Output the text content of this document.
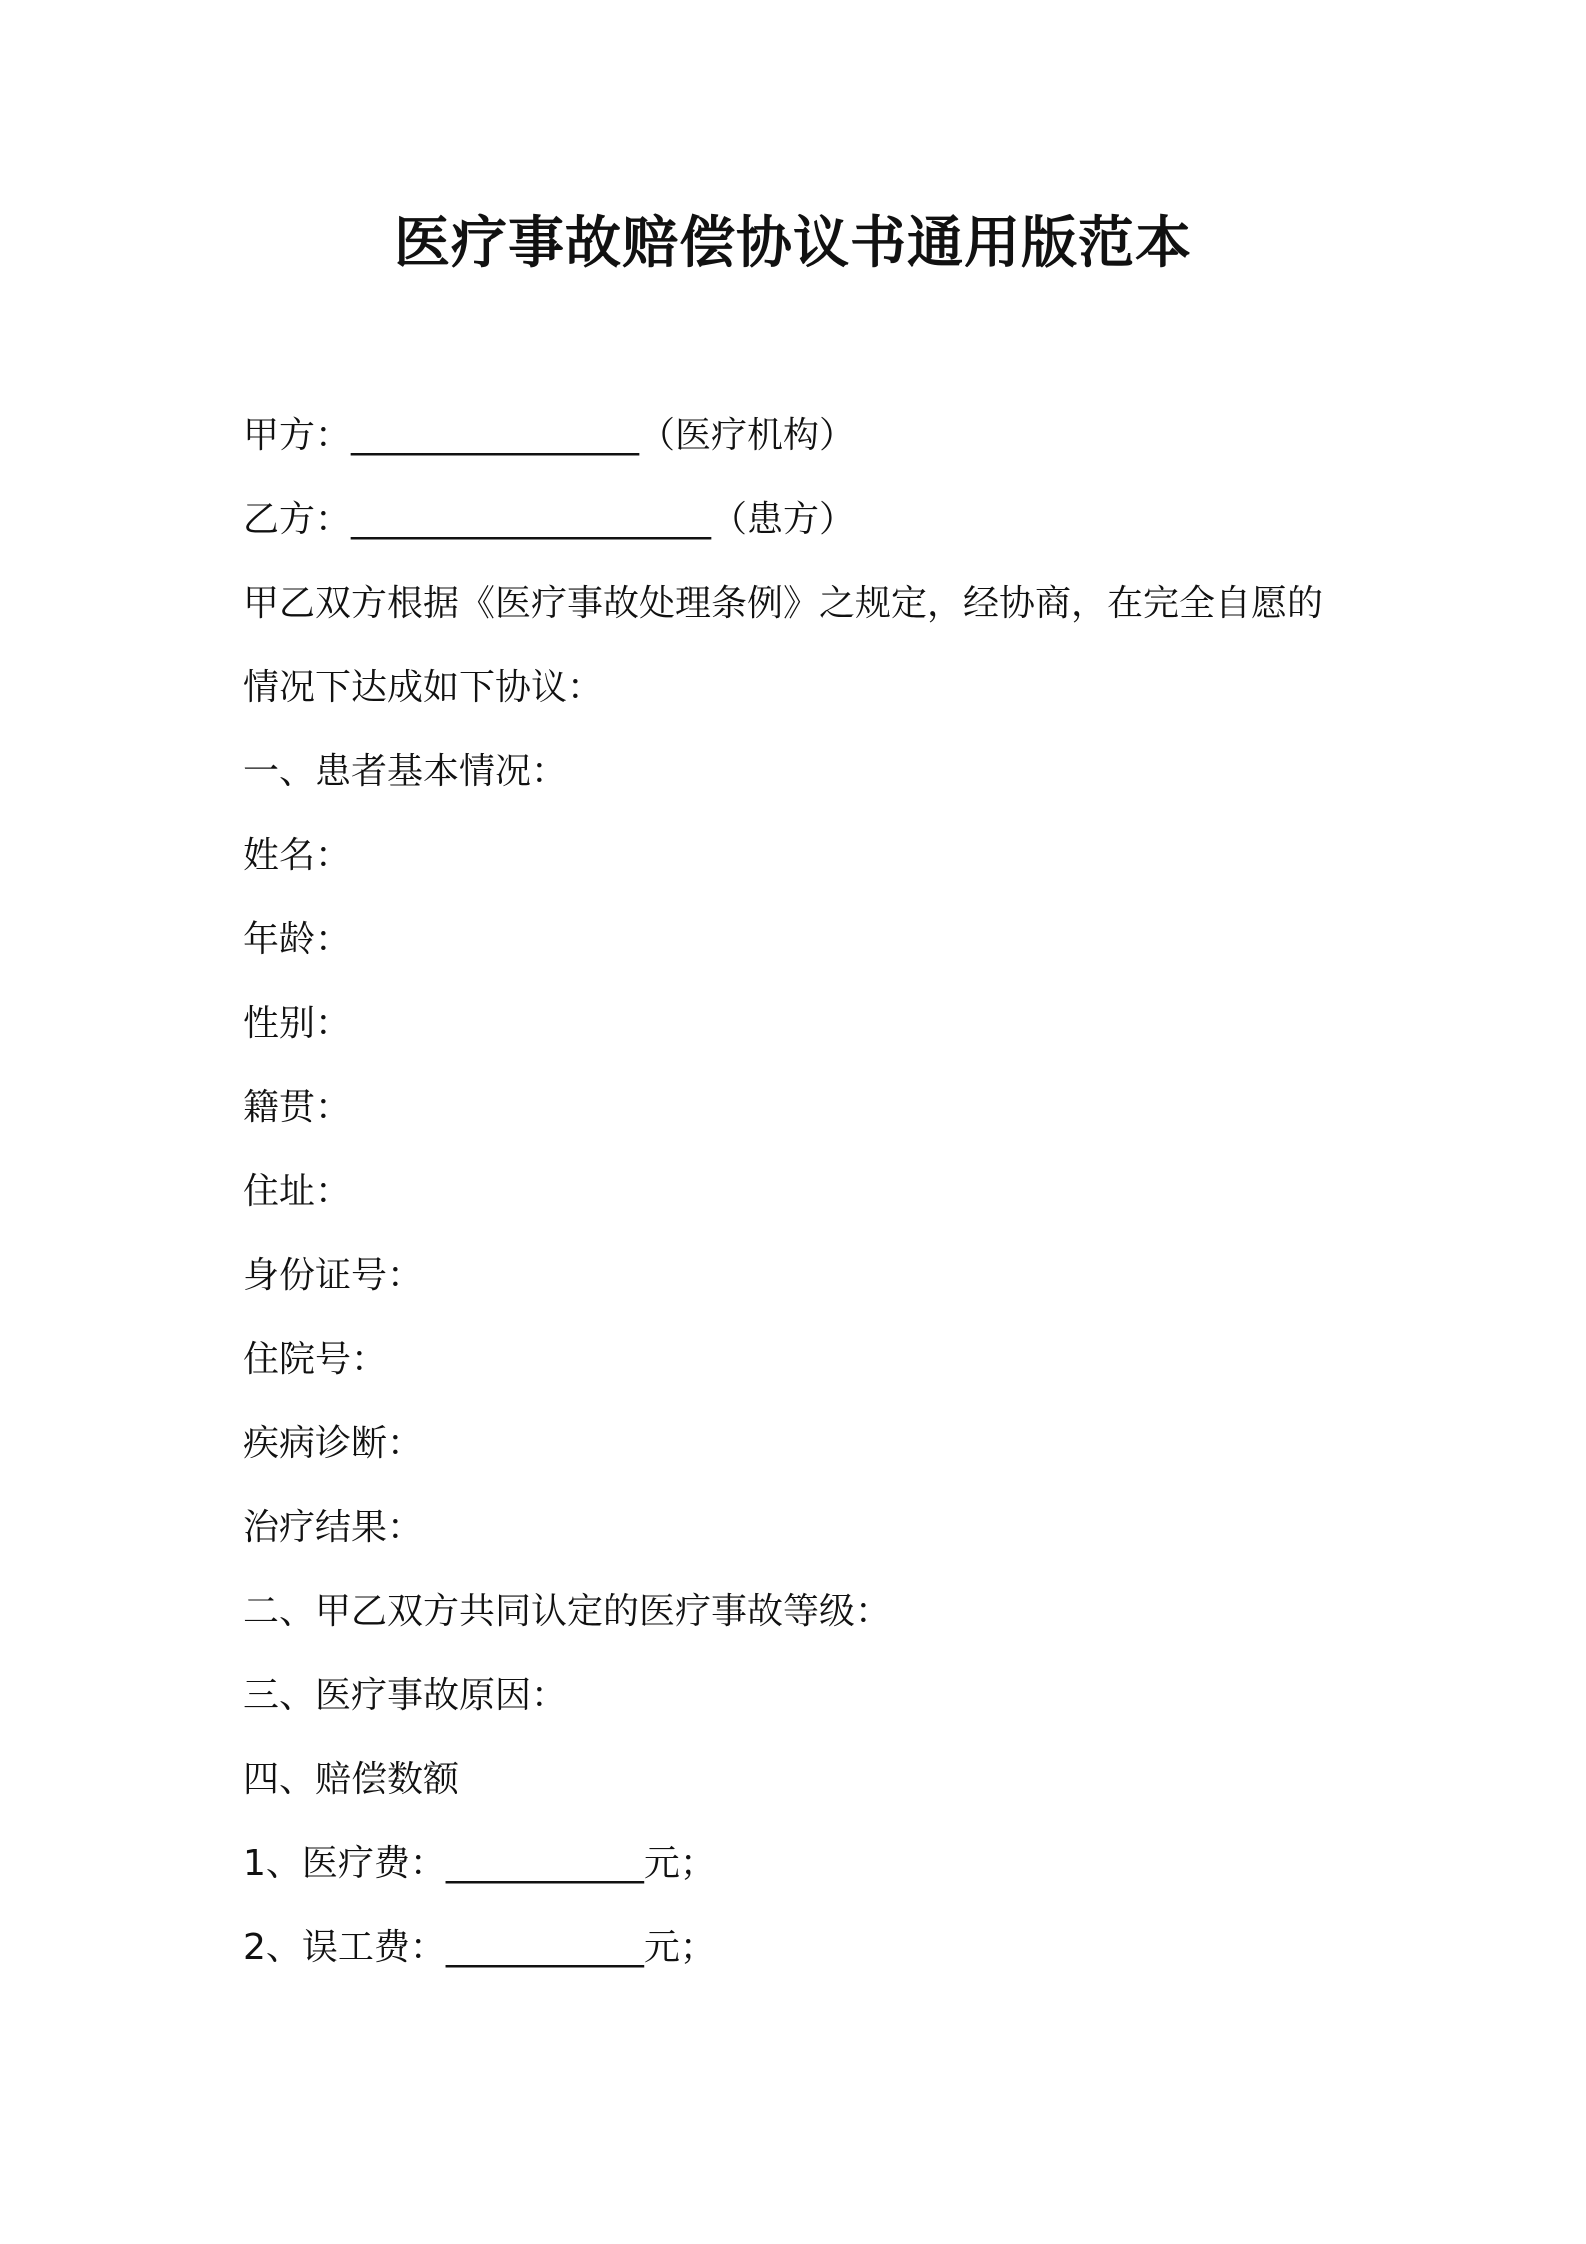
医疗事故赔偿协议书通用版范本
甲方：________________（医疗机构）
乙方：____________________（患方）
甲乙双方根据《医疗事故处理条例》之规定，经协商，在完全自愿的
情况下达成如下协议：
一、患者基本情况：
姓名：
年龄：
性别：
籍贯：
住址：
身份证号：
住院号：
疾病诊断：
治疗结果：
二、甲乙双方共同认定的医疗事故等级：
三、医疗事故原因：
四、赔偿数额
1、医疗费：___________元；
2、误工费：___________元；
